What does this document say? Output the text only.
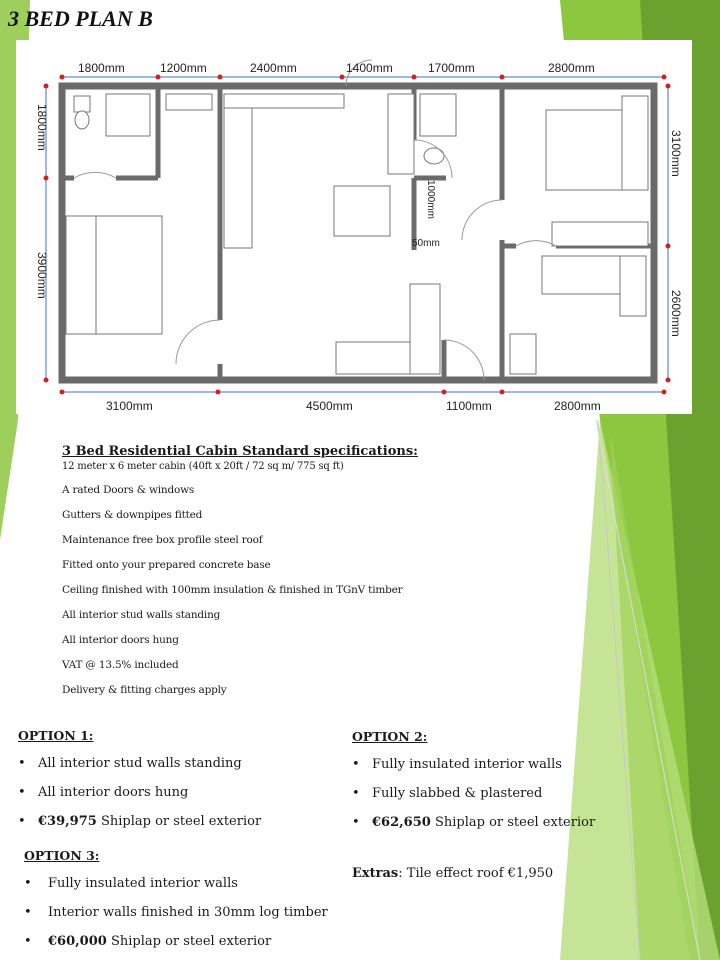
3 BED PLAN B
1800mm	1200mm	2400mm	1400mm	1700mm	2800mm
3100mm	4500mm	1100mm	2800mm
1800mm
3900mm
3100mm
2600mm
1000mm
50mm

3 Bed Residential Cabin Standard specifications:

12 meter x 6 meter cabin (40ft x 20ft / 72 sq m/ 775 sq ft)

A rated Doors & windows
Gutters & downpipes fitted
Maintenance free box profile steel roof
Fitted onto your prepared concrete base
Ceiling finished with 100mm insulation & finished in TGnV timber
All interior stud walls standing
All interior doors hung
VAT @ 13.5% included
Delivery & fitting charges apply
OPTION 1:
• All interior stud walls standing
• All interior doors hung
• €39,975 Shiplap or steel exterior
OPTION 2:
• Fully insulated interior walls
• Fully slabbed & plastered
• €62,650 Shiplap or steel exterior
OPTION 3:
• Fully insulated interior walls
• Interior walls finished in 30mm log timber
• €60,000 Shiplap or steel exterior
Extras: Tile effect roof €1,950
